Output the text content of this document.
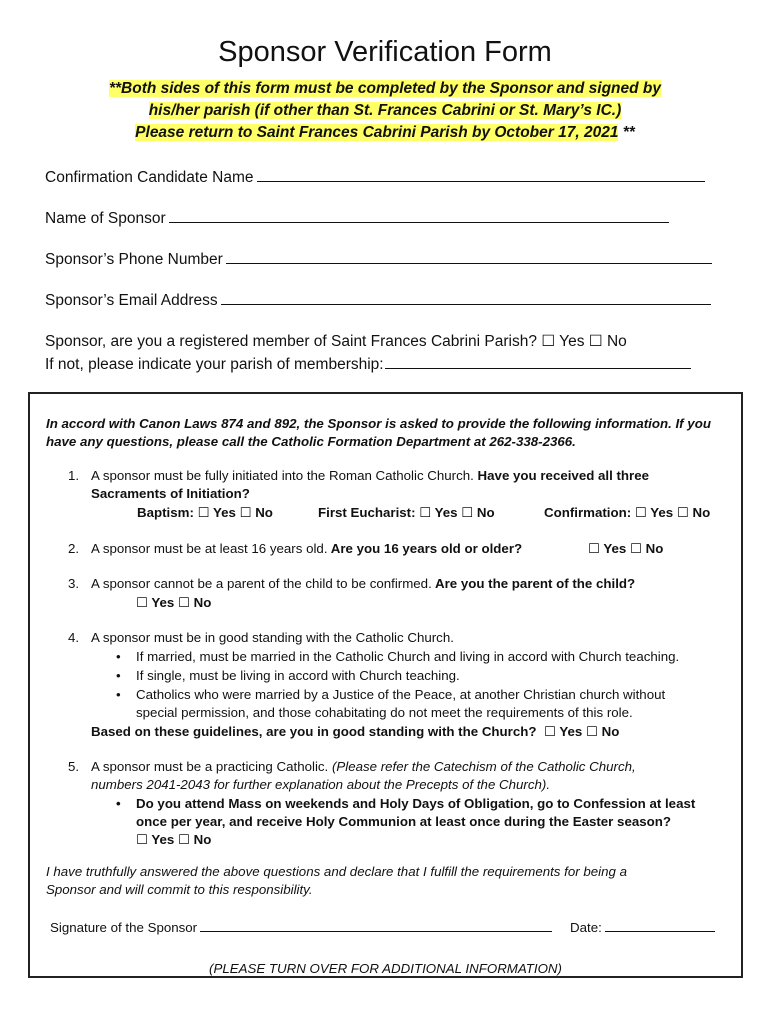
Sponsor Verification Form
**Both sides of this form must be completed by the Sponsor and signed by
his/her parish (if other than St. Frances Cabrini or St. Mary’s IC.)
Please return to Saint Frances Cabrini Parish by October 17, 2021 **
Confirmation Candidate Name
Name of Sponsor
Sponsor’s Phone Number
Sponsor’s Email Address
Sponsor, are you a registered member of Saint Frances Cabrini Parish? ☐ Yes ☐ No
If not, please indicate your parish of membership:
In accord with Canon Laws 874 and 892, the Sponsor is asked to provide the following information. If you
have any questions, please call the Catholic Formation Department at 262-338-2366.
1. A sponsor must be fully initiated into the Roman Catholic Church. Have you received all three
Sacraments of Initiation?
Baptism: ☐ Yes ☐ No	First Eucharist: ☐ Yes ☐ No	Confirmation: ☐ Yes ☐ No
2. A sponsor must be at least 16 years old. Are you 16 years old or older?	☐ Yes ☐ No
3. A sponsor cannot be a parent of the child to be confirmed. Are you the parent of the child?
☐ Yes ☐ No
4. A sponsor must be in good standing with the Catholic Church.
• If married, must be married in the Catholic Church and living in accord with Church teaching.
• If single, must be living in accord with Church teaching.
• Catholics who were married by a Justice of the Peace, at another Christian church without
special permission, and those cohabitating do not meet the requirements of this role.
Based on these guidelines, are you in good standing with the Church? ☐ Yes ☐ No
5. A sponsor must be a practicing Catholic. (Please refer the Catechism of the Catholic Church,
numbers 2041-2043 for further explanation about the Precepts of the Church).
• Do you attend Mass on weekends and Holy Days of Obligation, go to Confession at least
once per year, and receive Holy Communion at least once during the Easter season?
☐ Yes ☐ No
I have truthfully answered the above questions and declare that I fulfill the requirements for being a
Sponsor and will commit to this responsibility.
Signature of the Sponsor	Date:
(PLEASE TURN OVER FOR ADDITIONAL INFORMATION)
